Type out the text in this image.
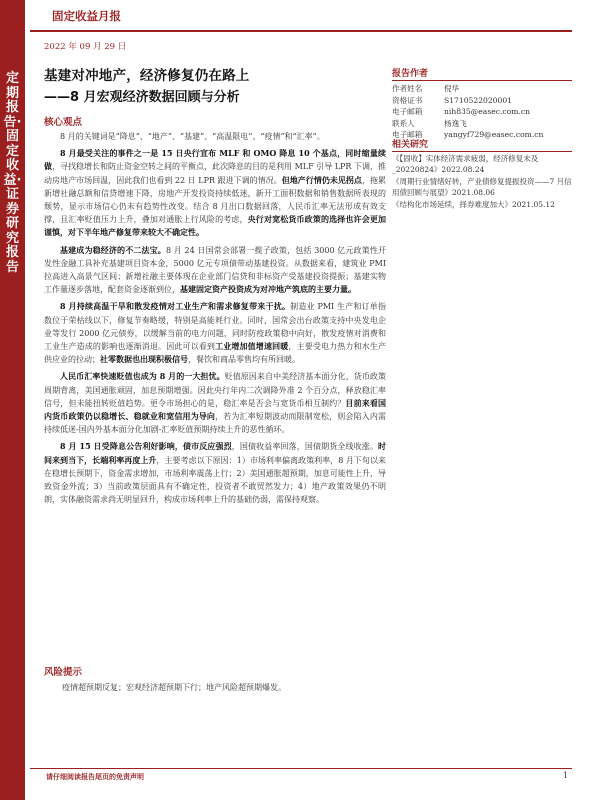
定期报告·固定收益·证券研究报告
固定收益月报
2022 年 09 月 29 日
基建对冲地产，经济修复仍在路上
——8 月宏观经济数据回顾与分析
核心观点

8 月的关键词是“降息”、“地产”、“基建”、“高温限电”、“疫情”和“汇率”。

8 月最受关注的事件之一是 15 日央行宣布 MLF 和 OMO 降息 10 个基点，同时缩量续做，寻找稳增长和防止资金空转之间的平衡点，此次降息的目的是利用 MLF 引导 LPR 下调，推动房地产市场回温，因此我们也看到 22 日 LPR 跟进下调的情况。但地产行情仍未见拐点，拖累新增社融总额和信贷增速下降，房地产开发投资持续低迷，新开工面积数据和销售数据所表现的颓势，显示市场信心仍未有趋势性改变。结合 8 月出口数据回落，人民币汇率无法形成有效支撑，且汇率贬值压力上升，叠加对通胀上行风险的考虑，央行对宽松货币政策的选择也许会更加谨慎，对下半年地产修复带来较大不确定性。

基建成为稳经济的不二法宝。8 月 24 日国常会部署一揽子政策，包括 3000 亿元政策性开发性金融工具补充基建项目资本金，5000 亿元专项债带动基建投资。从数据来看，建筑业 PMI 拉高进入高景气区间；新增社融主要体现在企业部门信贷和非标资产受基建投资提振；基建实物工作量逐步落地，配套资金逐渐到位，基建固定资产投资成为对冲地产筑底的主要力量。

8 月持续高温干旱和散发疫情对工业生产和需求修复带来干扰。制造业 PMI 生产和订单指数位于荣枯线以下，修复节奏略缓，特别是高能耗行业。同时，国常会出台政策支持中央发电企业等发行 2000 亿元债券，以缓解当前的电力问题，同时防疫政策稳中向好，散发疫情对消费和工业生产造成的影响也逐渐消退。因此可以看到工业增加值增速回暖，主要受电力热力和水生产供应业的拉动；社零数据也出现积极信号，餐饮和商品零售均有所回暖。

人民币汇率快速贬值也成为 8 月的一大担忧。贬值原因来自中美经济基本面分化，货币政策周期背离，美国通胀顽固，加息预期增强。因此央行年内二次调降外准 2 个百分点，释放稳汇率信号，但未能扭转贬值趋势。更令市场担心的是，稳汇率是否会与宽货币相互制约？目前来看国内货币政策仍以稳增长、稳就业和宽信用为导向，若为汇率短期波动而限制宽松，则会陷入内需持续低迷-国内外基本面分化加剧-汇率贬值预期持续上升的恶性循环。

8 月 15 日受降息公告利好影响，债市反应强烈，国债收益率回落，国债期货全线收涨。时间来到当下，长端利率再度上升，主要考虑以下原因：1）市场利率偏离政策利率，8 月下旬以来在稳增长预期下，资金需求增加，市场利率震荡上行；2）美国通胀超预期，加息可能性上升，导致资金外流；3）当前政策层面具有不确定性，投资者不敢贸然发力；4）地产政策效果仍不明朗，实体融资需求尚无明显回升，构成市场利率上升的基础仍弱，需保持观察。

风险提示
疫情超预期反复；宏观经济超预期下行；地产风险超预期爆发。
报告作者
作者姓名	倪华
资格证书	S1710522020001
电子邮箱	nih835@easec.com.cn
联系人	杨逸飞
电子邮箱	yangyf729@easec.com.cn
相关研究
《【固收】实体经济需求疲弱，经济修复未及_20220824》2022.08.24
《周期行业情绪好转，产业债修复提振投资——7 月信用债回顾与展望》2021.08.06
《结构化市场延续，择券难度加大》2021.05.12
请仔细阅读报告尾页的免责声明	1
